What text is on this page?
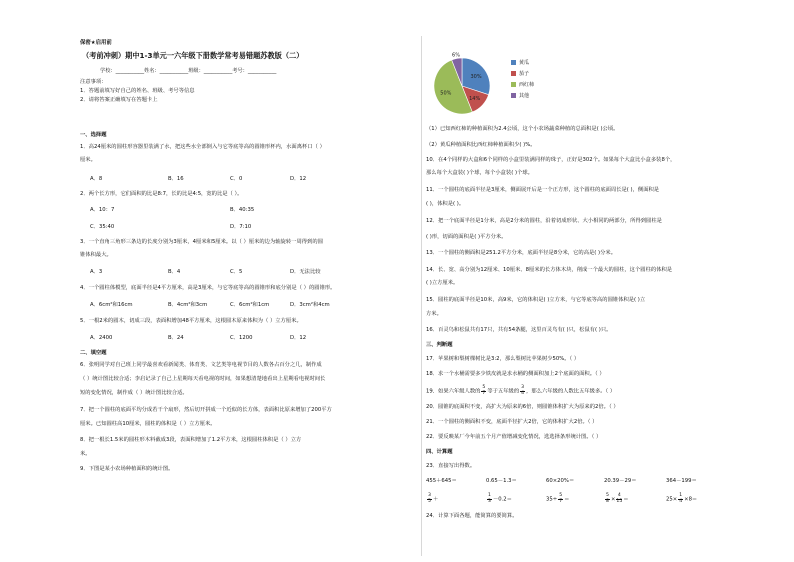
保密★启用前
（考前冲刺）期中1-3单元一六年级下册数学常考易错题苏教版（二）
学校：___________姓名：___________班级：___________考号：___________
注意事项：
1．答题前填写好自己的姓名、班级、考号等信息
2．请将答案正确填写在答题卡上
一、选择题
1．高24厘米的圆柱形容器里装满了水，把这些水全部倒入与它等底等高的圆锥形杯内，水面离杯口（ ）
厘米。
A．8	B．16	C．0	D．12
2．两个长方形，它们面积的比是8:7，长的比是4:5，宽的比是（ ）。
A．10：7	B．40:35
C．35:40	D．7:10
3．一个直角三角形三条边的长度分别为3厘米，4厘米和5厘米。以（ ）厘米的边为轴旋转一周得到的圆
锥体积最大。
A．3	B．4	C．5	D．无法比较
4．一个圆柱体模型，底面半径是4平方厘米，高是3厘米，与它等底等高的圆锥形和底分别是（ ）的圆锥形。
A．6cm²和16cm	B．4cm²和3cm	C．6cm²和1cm	D．3cm²和4cm
5．一根2米的圆木，切成三段，表面积增加48平方厘米，这根圆木原来体积为（ ）立方厘米。
A．2400	B．24	C．1200	D．12
二、填空题
6．张明同学对自己班上同学最喜欢看新闻类、体育类、文艺类等电视节目的人数各占百分之几，制作成
（ ）统计图比较合适；李启记录了自己上星期每天看电视的时间，如果想清楚地看出上星期看电视时间长
短的变化情况，制作成（ ）统计图比较合适。
7．把一个圆柱的底面平均分成若干个扇形，然后切开拼成一个近似的长方体，表面积比原来增加了200平方
厘米。已知圆柱高10厘米，圆柱的体积是（ ）立方厘米。
8．把一根长1.5米的圆柱形木料截成3段，表面积增加了1.2平方米，这根圆柱体积是（ ）立方
米。
9．下图是某小农场种植面积的统计图。
30%
14%
50%
6%
黄瓜
茄子
西红柿
其他
（1）已知西红柿的种植面积为2.4公顷，这个小农场蔬菜种植的总面积是( )公顷。
（2）黄瓜种植面积比西红柿种植面积少( )%。
10．在4个同样的大盒和6个同样的小盒里装满同样的珠子，正好是302个。如果每个大盒比小盒多装8个，
那么每个大盒装( )个球，每个小盒装( )个球。
11．一个圆柱的底面半径是3厘米，侧面展开后是一个正方形，这个圆柱的底面周长是( )，侧面积是
( )，体积是( )。
12．把一个底面半径是1分米，高是2分米的圆柱，沿着切成形状、大小相同的两部分，所得到圆柱是
( )形，切面的面积是( )平方分米。
13．一个圆柱的侧面积是251.2平方分米，底面半径是8分米，它的高是( )分米。
14．长、宽、高分别为12厘米、10厘米、8厘米的长方体木块，削成一个最大的圆柱，这个圆柱的体积是
( )立方厘米。
15．圆柱的底面半径是10米，高9米，它的体积是( )立方米，与它等底等高的圆锥体积是( )立
方米。
16．百灵鸟和松鼠共有17只，共有54条腿，这里百灵鸟有( )只，松鼠有( )只。
三、判断题
17．苹果树和梨树棵树比是3:2，那么梨树比苹果树少50%。（ ）
18．求一个水桶需要多少铁皮就是求水桶的侧面积加上2个底面的面积。（ ）
19．如果六年级人数的 $\frac{5}{7}$ 等于五年级的 $\frac{3}{4}$ ，那么六年级的人数比五年级多。（ ）
20．圆锥的底面积不变，高扩大为原来的6倍，则圆锥体积扩大为原来的2倍。（ ）
21．一个圆柱的侧面积不变，底面半径扩大2倍，它的体积扩大2倍。（ ）
22．要反映某厂今年前五个月产值增减变化情况，选选择条形统计图。（ ）
四、计算题
23．直接写出得数。
455＋645＝	0.65－1.3＝	60×20%＝	20.39－29＝	364－199＝
$\frac{3}{5}$ ＋	$\frac{1}{3} -0.2=$	$35\div \frac{5}{7}$ ＝	$\frac{5}{8} \times \frac{4}{15}$ ＝	$25\times \frac{1}{4} \times 8=$
24．计算下面各题，能简算的要简算。
